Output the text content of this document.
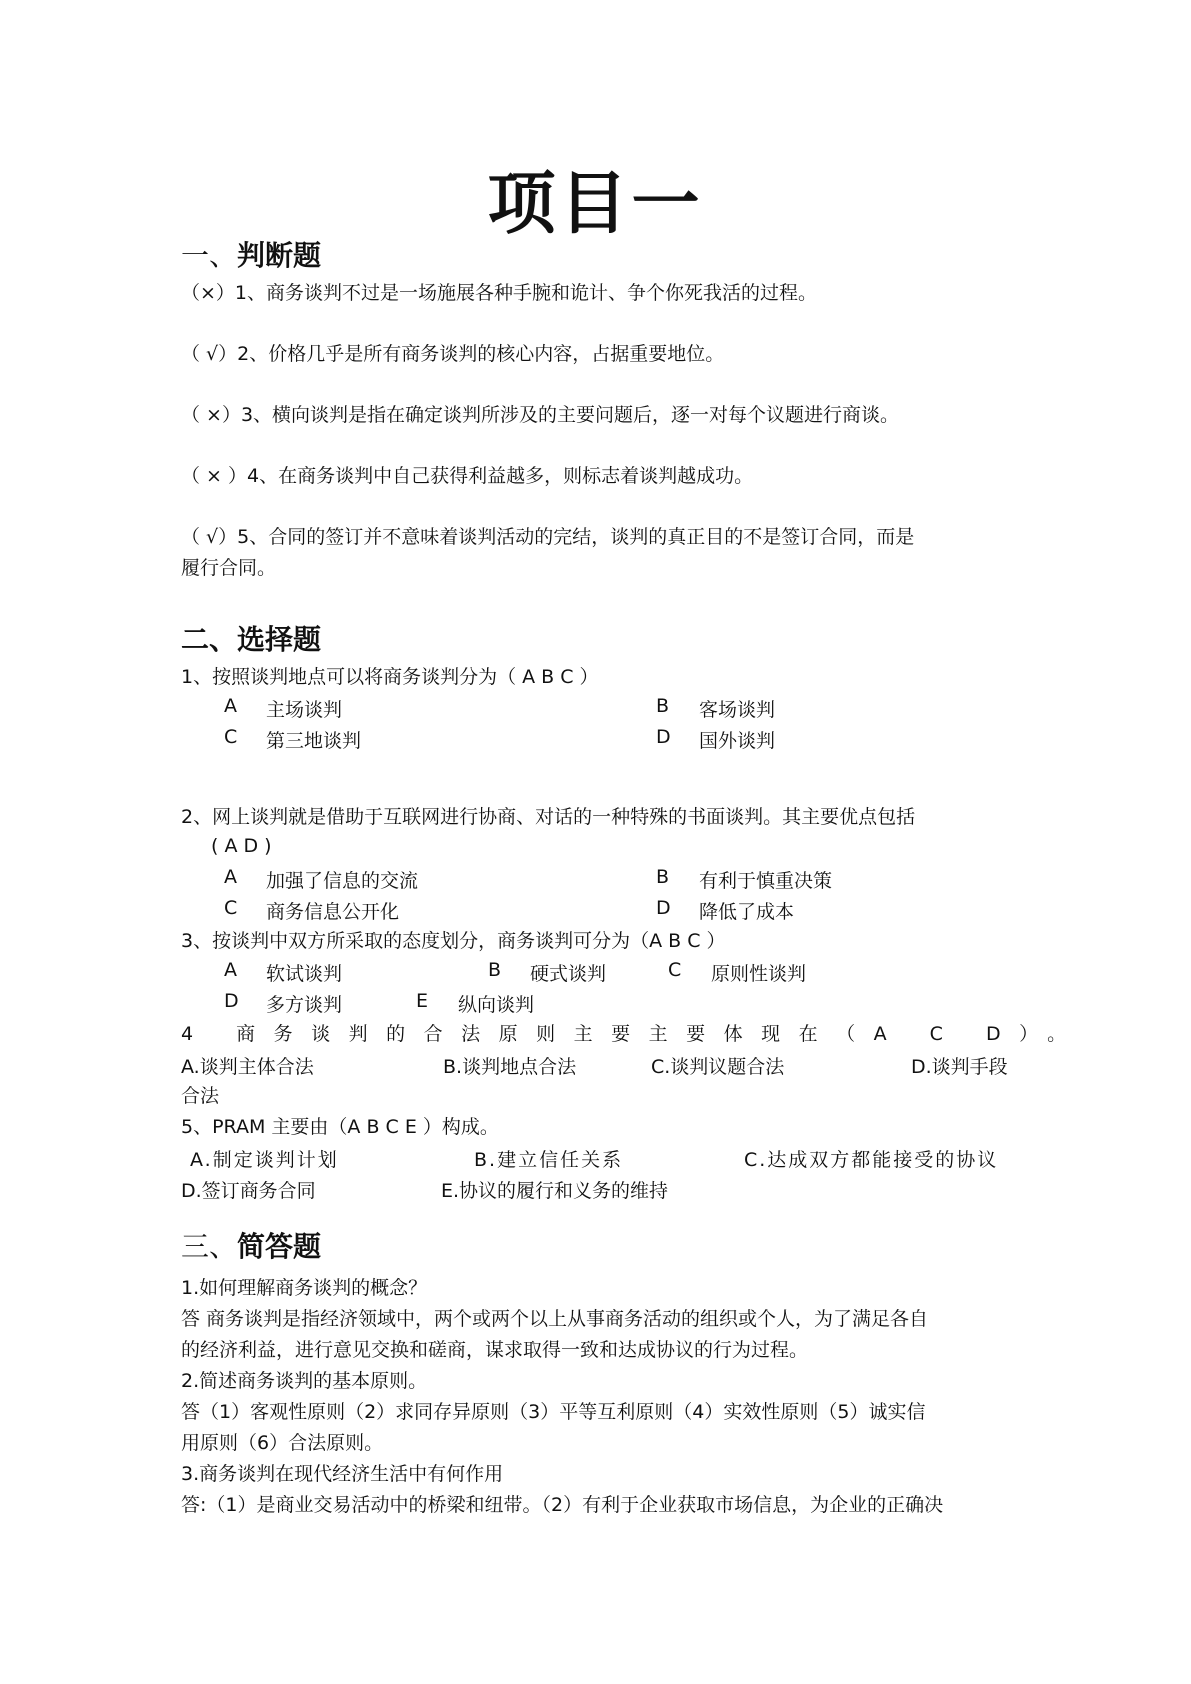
项目一
一、判断题
（×）1、商务谈判不过是一场施展各种手腕和诡计、争个你死我活的过程。
（ √）2、价格几乎是所有商务谈判的核心内容，占据重要地位。
（ ×）3、横向谈判是指在确定谈判所涉及的主要问题后，逐一对每个议题进行商谈。
（ × ）4、在商务谈判中自己获得利益越多，则标志着谈判越成功。
（ √）5、合同的签订并不意味着谈判活动的完结，谈判的真正目的不是签订合同，而是
履行合同。
二、选择题
1、按照谈判地点可以将商务谈判分为（ A B C ）
A 主场谈判	B 客场谈判
C 第三地谈判	D 国外谈判
2、网上谈判就是借助于互联网进行协商、对话的一种特殊的书面谈判。其主要优点包括
( A D )
A 加强了信息的交流	B 有利于慎重决策
C 商务信息公开化	D 降低了成本
3、按谈判中双方所采取的态度划分，商务谈判可分为（A B C ）
A 软试谈判	B 硬式谈判	C 原则性谈判
D 多方谈判	E 纵向谈判
4 商务谈判的合法原则主要主要体现在（A C D）。
A.谈判主体合法	B.谈判地点合法	C.谈判议题合法	D.谈判手段
合法
5、PRAM 主要由（A B C E ）构成。
A.制定谈判计划	B.建立信任关系	C.达成双方都能接受的协议
D.签订商务合同	E.协议的履行和义务的维持
三、简答题
1.如何理解商务谈判的概念？
答 商务谈判是指经济领域中，两个或两个以上从事商务活动的组织或个人，为了满足各自
的经济利益，进行意见交换和磋商，谋求取得一致和达成协议的行为过程。
2.简述商务谈判的基本原则。
答（1）客观性原则（2）求同存异原则（3）平等互利原则（4）实效性原则（5）诚实信
用原则（6）合法原则。
3.商务谈判在现代经济生活中有何作用
答:（1）是商业交易活动中的桥梁和纽带。（2）有利于企业获取市场信息，为企业的正确决
